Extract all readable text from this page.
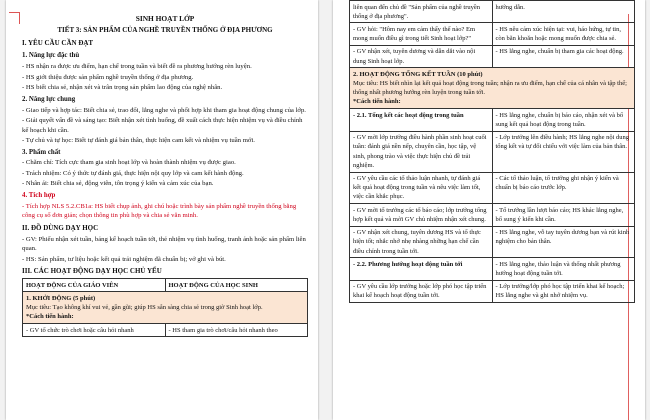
SINH HOẠT LỚP

TIẾT 3: SẢN PHẨM CỦA NGHỀ TRUYỀN THỐNG Ở ĐỊA PHƯƠNG

I. YÊU CẦU CẦN ĐẠT

1. Năng lực đặc thù

- HS nhận ra được ưu điểm, hạn chế trong tuần và biết đề ra phương hướng rèn luyện.

- HS giới thiệu được sản phẩm nghề truyền thống ở địa phương.

- HS biết chia sẻ, nhận xét và trân trọng sản phẩm lao động của nghệ nhân.

2. Năng lực chung

- Giao tiếp và hợp tác: Biết chia sẻ, trao đổi, lắng nghe và phối hợp khi tham gia hoạt động chung của lớp.

- Giải quyết vấn đề và sáng tạo: Biết nhận xét tình huống, đề xuất cách thực hiện nhiệm vụ và điều chỉnh kế hoạch khi cần.

- Tự chủ và tự học: Biết tự đánh giá bản thân, thực hiện cam kết và nhiệm vụ tuần mới.

3. Phẩm chất

- Chăm chỉ: Tích cực tham gia sinh hoạt lớp và hoàn thành nhiệm vụ được giao.

- Trách nhiệm: Có ý thức tự đánh giá, thực hiện nội quy lớp và cam kết hành động.

- Nhân ái: Biết chia sẻ, động viên, tôn trọng ý kiến và cảm xúc của bạn.

4. Tích hợp

- Tích hợp NLS 5.2.CB1a: HS biết chụp ảnh, ghi chú hoặc trình bày sản phẩm nghề truyền thống bằng công cụ số đơn giản; chọn thông tin phù hợp và chia sẻ văn minh.

II. ĐỒ DÙNG DẠY HỌC

- GV: Phiếu nhận xét tuần, bảng kế hoạch tuần tới, thẻ nhiệm vụ tình huống, tranh ảnh hoặc sản phẩm liên quan.

- HS: Sản phẩm, tư liệu hoặc kết quả trải nghiệm đã chuẩn bị; vở ghi và bút.

III. CÁC HOẠT ĐỘNG DẠY HỌC CHỦ YẾU

HOẠT ĐỘNG CỦA GIÁO VIÊN	HOẠT ĐỘNG CỦA HỌC SINH

1. KHỞI ĐỘNG (5 phút)
Mục tiêu: Tạo không khí vui vẻ, gần gũi; giúp HS sẵn sàng chia sẻ trong giờ Sinh hoạt lớp.
*Cách tiến hành:	

- GV tổ chức trò chơi hoặc câu hỏi nhanh	- HS tham gia trò chơi/câu hỏi nhanh theo
liên quan đến chủ đề "Sản phẩm của nghề truyền thống ở địa phương".	hướng dẫn.
- GV hỏi: "Hôm nay em cảm thấy thế nào? Em mong muốn điều gì trong tiết Sinh hoạt lớp?"	- HS nêu cảm xúc hiện tại: vui, háo hứng, tự tin, còn băn khoăn hoặc mong muốn được chia sẻ.
- GV nhận xét, tuyên dương và dẫn dắt vào nội dung Sinh hoạt lớp.	- HS lắng nghe, chuẩn bị tham gia các hoạt động.

2. HOẠT ĐỘNG TỔNG KẾT TUẦN (10 phút)
Mục tiêu: HS biết nhìn lại kết quả hoạt động trong tuần; nhận ra ưu điểm, hạn chế của cá nhân và tập thể; thống nhất phương hướng rèn luyện trong tuần tới.
*Cách tiến hành:	

- 2.1. Tổng kết các hoạt động trong tuần	- HS lắng nghe, chuẩn bị báo cáo, nhận xét và bổ sung kết quả hoạt động trong tuần.
- GV mời lớp trưởng điều hành phần sinh hoạt cuối tuần: đánh giá nền nếp, chuyên cần, học tập, vệ sinh, phong trào và việc thực hiện chủ đề trải nghiệm.	- Lớp trưởng lên điều hành; HS lắng nghe nội dung tổng kết và tự đối chiếu với việc làm của bản thân.
- GV yêu cầu các tổ thảo luận nhanh, tự đánh giá kết quả hoạt động trong tuần và nêu việc làm tốt, việc cần khắc phục.	- Các tổ thảo luận, tổ trưởng ghi nhận ý kiến và chuẩn bị báo cáo trước lớp.
- GV mời tổ trưởng các tổ báo cáo; lớp trưởng tổng hợp kết quả và mời GV chủ nhiệm nhận xét chung.	- Tổ trưởng lần lượt báo cáo; HS khác lắng nghe, bổ sung ý kiến khi cần.
- GV nhận xét chung, tuyên dương HS và tổ thực hiện tốt; nhắc nhở nhẹ nhàng những hạn chế cần điều chỉnh trong tuần tới.	- HS lắng nghe, vỗ tay tuyên dương bạn và rút kinh nghiệm cho bản thân.
- 2.2. Phương hướng hoạt động tuần tới	- HS lắng nghe, thảo luận và thống nhất phương hướng hoạt động tuần tới.
- GV yêu cầu lớp trưởng hoặc lớp phó học tập triển khai kế hoạch hoạt động tuần tới.	- Lớp trưởng/lớp phó học tập triển khai kế hoạch; HS lắng nghe và ghi nhớ nhiệm vụ.
